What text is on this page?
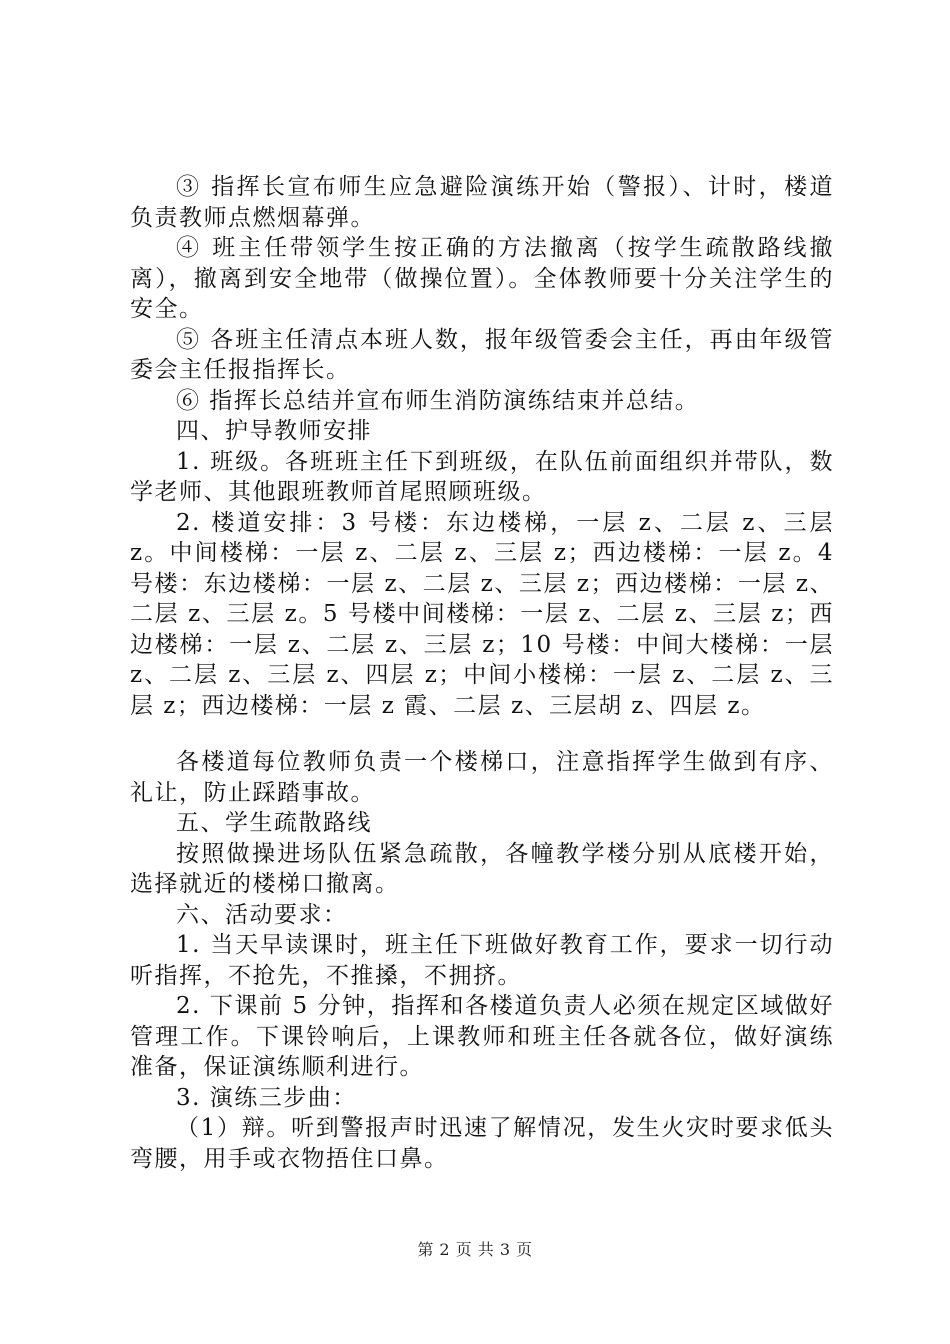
③ 指挥长宣布师生应急避险演练开始（警报）、计时，楼道负责教师点燃烟幕弹。

④ 班主任带领学生按正确的方法撤离（按学生疏散路线撤离），撤离到安全地带（做操位置）。全体教师要十分关注学生的安全。

⑤ 各班主任清点本班人数，报年级管委会主任，再由年级管委会主任报指挥长。

⑥ 指挥长总结并宣布师生消防演练结束并总结。

四、护导教师安排

1. 班级。各班班主任下到班级，在队伍前面组织并带队，数学老师、其他跟班教师首尾照顾班级。

2. 楼道安排：3 号楼：东边楼梯，一层 z、二层 z、三层 z。中间楼梯：一层 z、二层 z、三层 z；西边楼梯：一层 z。4 号楼：东边楼梯：一层 z、二层 z、三层 z；西边楼梯：一层 z、二层 z、三层 z。5 号楼中间楼梯：一层 z、二层 z、三层 z；西边楼梯：一层 z、二层 z、三层 z；10 号楼：中间大楼梯：一层 z、二层 z、三层 z、四层 z；中间小楼梯：一层 z、二层 z、三层 z；西边楼梯：一层 z 霞、二层 z、三层胡 z、四层 z。

各楼道每位教师负责一个楼梯口，注意指挥学生做到有序、礼让，防止踩踏事故。

五、学生疏散路线

按照做操进场队伍紧急疏散，各幢教学楼分别从底楼开始，选择就近的楼梯口撤离。

六、活动要求：

1. 当天早读课时，班主任下班做好教育工作，要求一切行动听指挥，不抢先，不推搡，不拥挤。

2. 下课前 5 分钟，指挥和各楼道负责人必须在规定区域做好管理工作。下课铃响后，上课教师和班主任各就各位，做好演练准备，保证演练顺利进行。

3. 演练三步曲：

（1）辩。听到警报声时迅速了解情况，发生火灾时要求低头弯腰，用手或衣物捂住口鼻。

第 2 页 共 3 页
